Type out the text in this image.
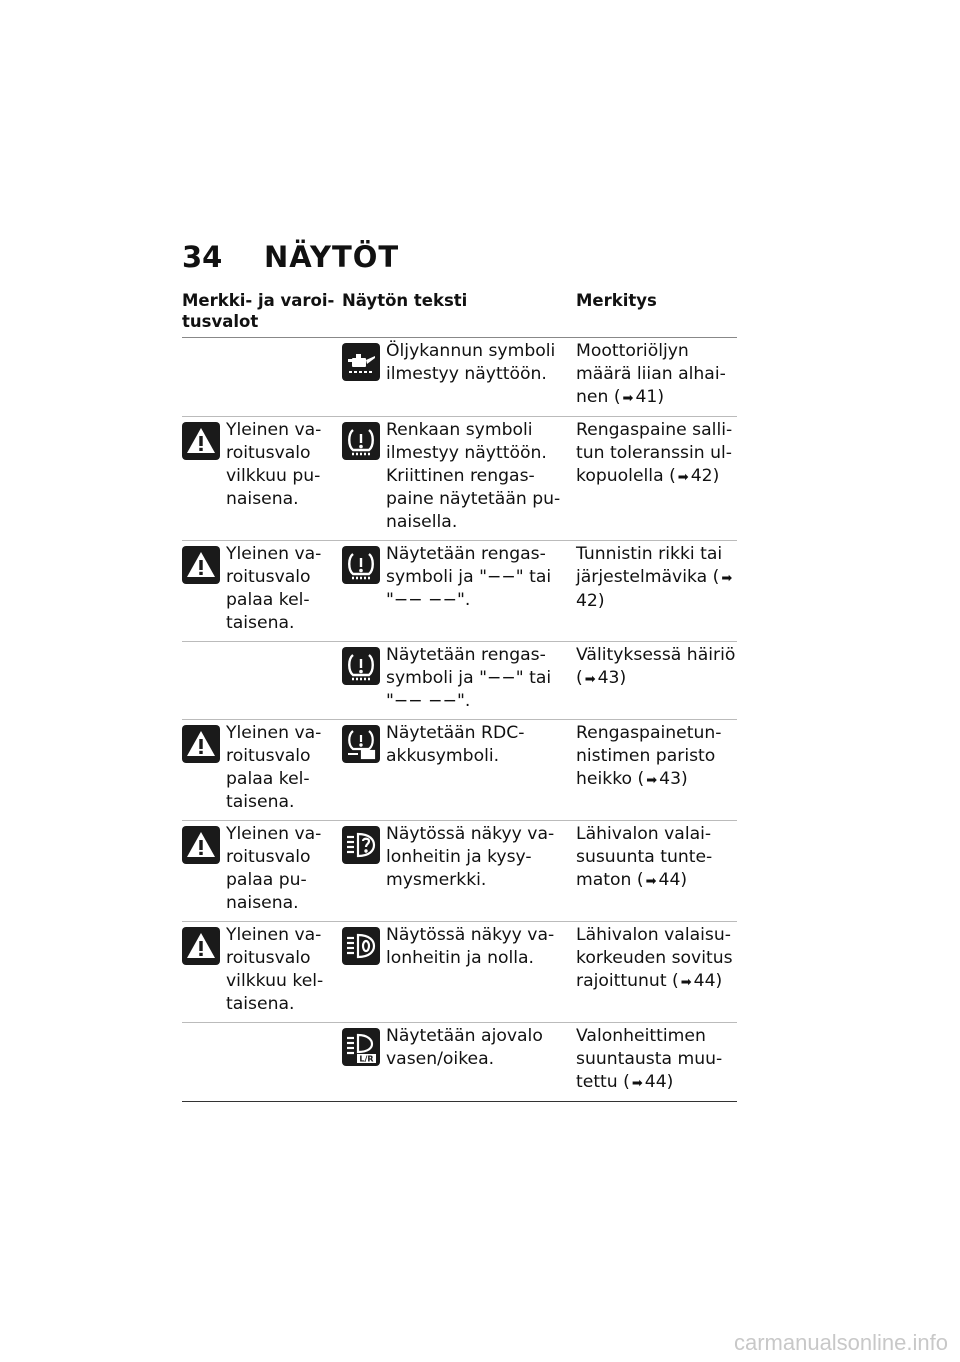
34	NÄYTÖT
Merkki- ja varoi-
tusvalot
Näytön teksti	Merkitys
Öljykannun symboli ilmestyy näyttöön.
Moottoriöljyn määrä liian alhai-nen ( ➡ 41)
Yleinen va-roitusvalo vilkkuu pu-naisena.
Renkaan symboli ilmestyy näyttöön. Kriittinen rengas-paine näytetään pu-naisella.
Rengaspaine salli-tun toleranssin ul-kopuolella ( ➡ 42)
Yleinen va-roitusvalo palaa kel-taisena.
Näytetään rengas-symboli ja "−−" tai "−− −−".
Tunnistin rikki tai järjestelmävika ( ➡42)
Näytetään rengas-symboli ja "−−" tai "−− −−".
Välityksessä häiriö ( ➡ 43)
Yleinen va-roitusvalo palaa kel-taisena.
Näytetään RDC-akkusymboli.
Rengaspainetun-nistimen paristo heikko ( ➡ 43)
Yleinen va-roitusvalo palaa pu-naisena.
Näytössä näkyy va-lonheitin ja kysy-mysmerkki.
Lähivalon valai-susuunta tunte-maton ( ➡ 44)
Yleinen va-roitusvalo vilkkuu kel-taisena.
Näytössä näkyy va-lonheitin ja nolla.
Lähivalon valaisu-korkeuden sovitus rajoittunut ( ➡ 44)
L/R
Näytetään ajovalo vasen/oikea.
Valonheittimen suuntausta muu-tettu ( ➡ 44)
carmanualsonline.info
